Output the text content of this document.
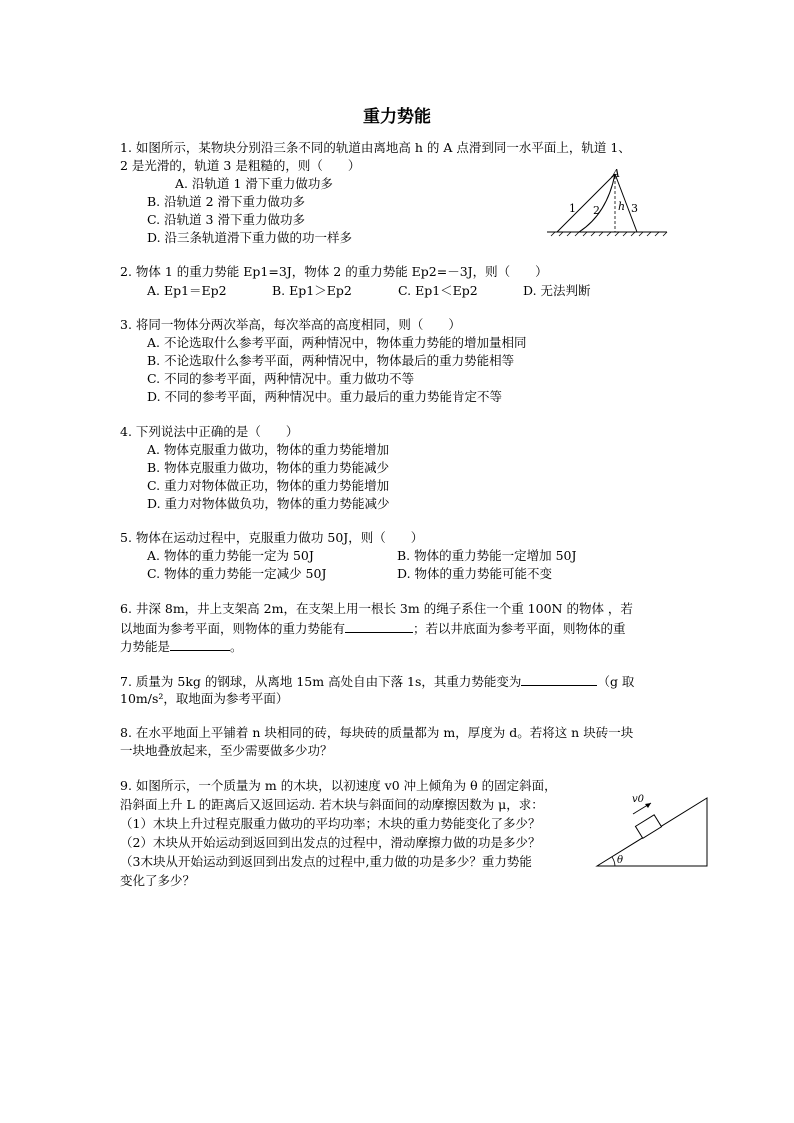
重力势能
1. 如图所示，某物块分别沿三条不同的轨道由离地高 h 的 A 点滑到同一水平面上，轨道 1、
2 是光滑的，轨道 3 是粗糙的，则（　　）
A. 沿轨道 1 滑下重力做功多
B. 沿轨道 2 滑下重力做功多
C. 沿轨道 3 滑下重力做功多
D. 沿三条轨道滑下重力做的功一样多
A
1 2 h 3
2. 物体 1 的重力势能 Ep1=3J，物体 2 的重力势能 Ep2=－3J，则（　　）
A. Ep1＝Ep2	B. Ep1＞Ep2	C. Ep1＜Ep2	D. 无法判断
3. 将同一物体分两次举高，每次举高的高度相同，则（　　）
A. 不论选取什么参考平面，两种情况中，物体重力势能的增加量相同
B. 不论选取什么参考平面，两种情况中，物体最后的重力势能相等
C. 不同的参考平面，两种情况中。重力做功不等
D. 不同的参考平面，两种情况中。重力最后的重力势能肯定不等
4. 下列说法中正确的是（　　）
A. 物体克服重力做功，物体的重力势能增加
B. 物体克服重力做功，物体的重力势能减少
C. 重力对物体做正功，物体的重力势能增加
D. 重力对物体做负功，物体的重力势能减少
5. 物体在运动过程中，克服重力做功 50J，则（　　）
A. 物体的重力势能一定为 50J	B. 物体的重力势能一定增加 50J
C. 物体的重力势能一定减少 50J	D. 物体的重力势能可能不变
6. 井深 8m，井上支架高 2m，在支架上用一根长 3m 的绳子系住一个重 100N 的物体 ，若
以地面为参考平面，则物体的重力势能有	；若以井底面为参考平面，则物体的重
力势能是	。
7. 质量为 5kg 的钢球，从离地 15m 高处自由下落 1s，其重力势能变为	（g 取
10m/s²，取地面为参考平面）
8. 在水平地面上平铺着 n 块相同的砖，每块砖的质量都为 m，厚度为 d。若将这 n 块砖一块
一块地叠放起来，至少需要做多少功？
9. 如图所示，一个质量为 m 的木块，以初速度 v0 冲上倾角为 θ 的固定斜面，
沿斜面上升 L 的距离后又返回运动. 若木块与斜面间的动摩擦因数为 μ，求：
（1）木块上升过程克服重力做功的平均功率；木块的重力势能变化了多少？
（2）木块从开始运动到返回到出发点的过程中，滑动摩擦力做的功是多少？
（3木块从开始运动到返回到出发点的过程中,重力做的功是多少？重力势能
变化了多少？
v0
θ
